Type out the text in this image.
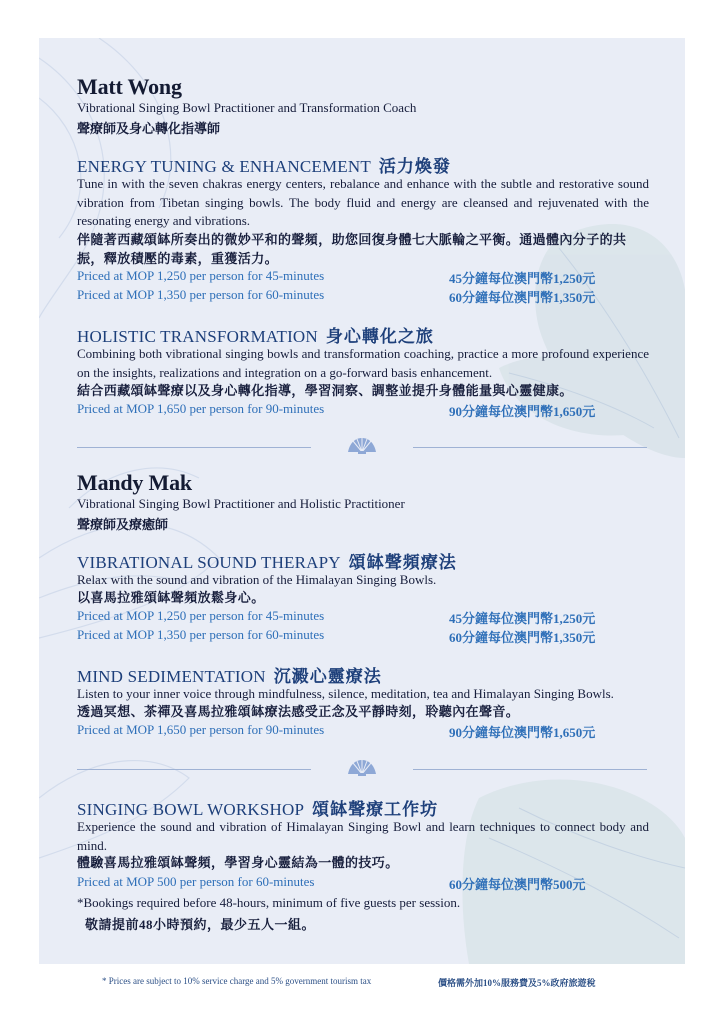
Matt Wong
Vibrational Singing Bowl Practitioner and Transformation Coach
聲療師及身心轉化指導師
ENERGY TUNING & ENHANCEMENT 活力煥發
Tune in with the seven chakras energy centers, rebalance and enhance with the subtle and restorative sound vibration from Tibetan singing bowls. The body fluid and energy are cleansed and rejuvenated with the resonating energy and vibrations.
伴隨著西藏頌缽所奏出的微妙平和的聲頻，助您回復身體七大脈輪之平衡。通過體內分子的共振，釋放積壓的毒素，重獲活力。
Priced at MOP 1,250 per person for 45-minutes	45分鐘每位澳門幣1,250元
Priced at MOP 1,350 per person for 60-minutes	60分鐘每位澳門幣1,350元
HOLISTIC TRANSFORMATION 身心轉化之旅
Combining both vibrational singing bowls and transformation coaching, practice a more profound experience on the insights, realizations and integration on a go-forward basis enhancement.
結合西藏頌缽聲療以及身心轉化指導，學習洞察、調整並提升身體能量與心靈健康。
Priced at MOP 1,650 per person for 90-minutes	90分鐘每位澳門幣1,650元
Mandy Mak
Vibrational Singing Bowl Practitioner and Holistic Practitioner
聲療師及療癒師
VIBRATIONAL SOUND THERAPY 頌缽聲頻療法
Relax with the sound and vibration of the Himalayan Singing Bowls.
以喜馬拉雅頌缽聲頻放鬆身心。
Priced at MOP 1,250 per person for 45-minutes	45分鐘每位澳門幣1,250元
Priced at MOP 1,350 per person for 60-minutes	60分鐘每位澳門幣1,350元
MIND SEDIMENTATION 沉澱心靈療法
Listen to your inner voice through mindfulness, silence, meditation, tea and Himalayan Singing Bowls.
透過冥想、茶禪及喜馬拉雅頌缽療法感受正念及平靜時刻，聆聽內在聲音。
Priced at MOP 1,650 per person for 90-minutes	90分鐘每位澳門幣1,650元
SINGING BOWL WORKSHOP 頌缽聲療工作坊
Experience the sound and vibration of Himalayan Singing Bowl and learn techniques to connect body and mind.
體驗喜馬拉雅頌缽聲頻，學習身心靈結為一體的技巧。
Priced at MOP 500 per person for 60-minutes	60分鐘每位澳門幣500元
*Bookings required before 48-hours, minimum of five guests per session.
敬請提前48小時預約，最少五人一組。
* Prices are subject to 10% service charge and 5% government tourism tax	價格需外加10%服務費及5%政府旅遊稅
